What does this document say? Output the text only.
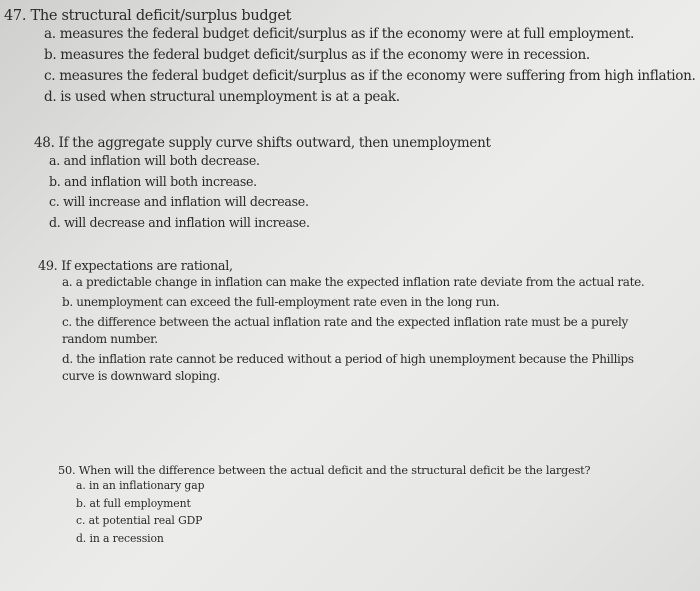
47. The structural deficit/surplus budget
a. measures the federal budget deficit/surplus as if the economy were at full employment.
b. measures the federal budget deficit/surplus as if the economy were in recession.
c. measures the federal budget deficit/surplus as if the economy were suffering from high inflation.
d. is used when structural unemployment is at a peak.
48. If the aggregate supply curve shifts outward, then unemployment
a. and inflation will both decrease.
b. and inflation will both increase.
c. will increase and inflation will decrease.
d. will decrease and inflation will increase.
49. If expectations are rational,
a. a predictable change in inflation can make the expected inflation rate deviate from the actual rate.
b. unemployment can exceed the full-employment rate even in the long run.
c. the difference between the actual inflation rate and the expected inflation rate must be a purely random number.
d. the inflation rate cannot be reduced without a period of high unemployment because the Phillips curve is downward sloping.
50. When will the difference between the actual deficit and the structural deficit be the largest?
a. in an inflationary gap
b. at full employment
c. at potential real GDP
d. in a recession
